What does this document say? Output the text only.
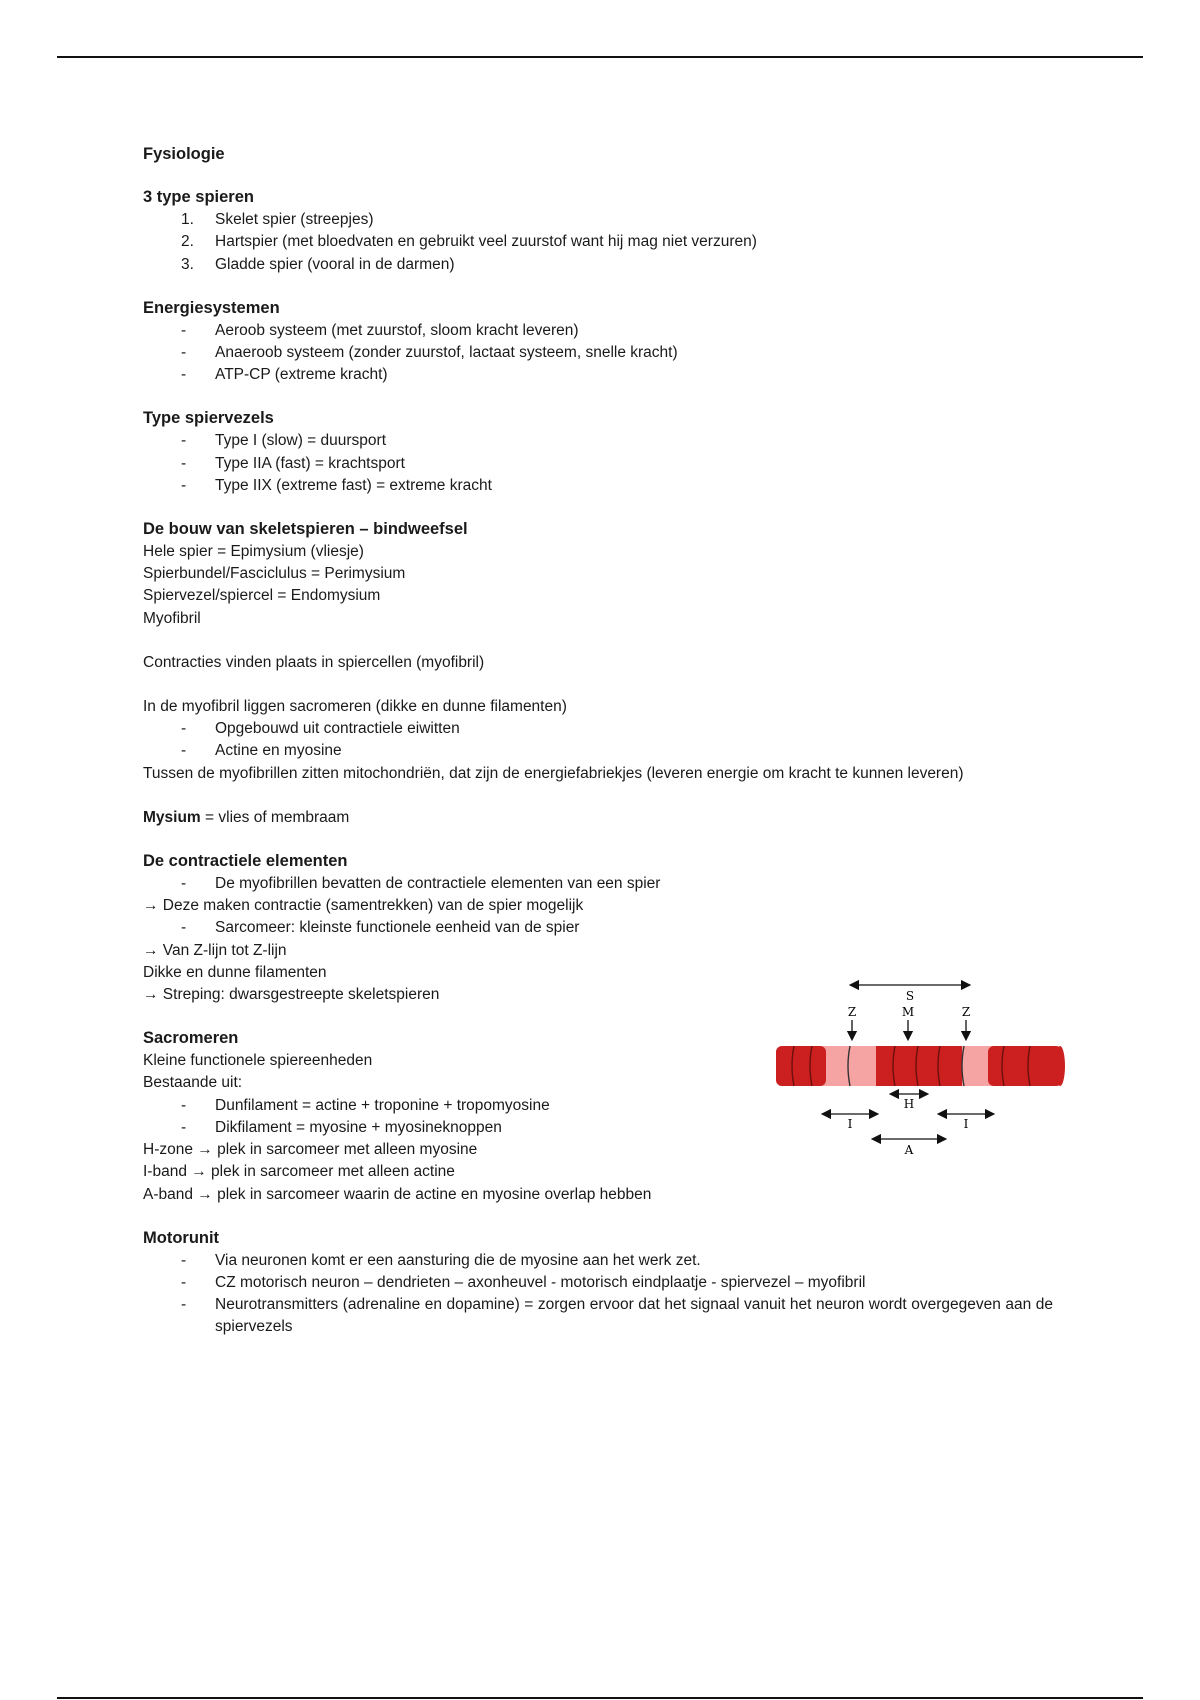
Fysiologie
3 type spieren
1.	Skelet spier (streepjes)
2.	Hartspier (met bloedvaten en gebruikt veel zuurstof want hij mag niet verzuren)
3.	Gladde spier (vooral in de darmen)
Energiesystemen
-	Aeroob systeem (met zuurstof, sloom kracht leveren)
-	Anaeroob systeem (zonder zuurstof, lactaat systeem, snelle kracht)
-	ATP-CP (extreme kracht)
Type spiervezels
-	Type I (slow) = duursport
-	Type IIA (fast) = krachtsport
-	Type IIX (extreme fast) = extreme kracht
De bouw van skeletspieren – bindweefsel

Hele spier = Epimysium (vliesje)

Spierbundel/Fasciclulus = Perimysium

Spiervezel/spiercel = Endomysium

Myofibril

Contracties vinden plaats in spiercellen (myofibril)

In de myofibril liggen sacromeren (dikke en dunne filamenten)

-	Opgebouwd uit contractiele eiwitten
-	Actine en myosine

Tussen de myofibrillen zitten mitochondriën, dat zijn de energiefabriekjes (leveren energie om kracht te kunnen leveren)

Mysium = vlies of membraam

De contractiele elementen
-	De myofibrillen bevatten de contractiele elementen van een spier

→ Deze maken contractie (samentrekken) van de spier mogelijk

-	Sarcomeer: kleinste functionele eenheid van de spier

→ Van Z-lijn tot Z-lijn

Dikke en dunne filamenten

→ Streping: dwarsgestreepte skeletspieren

Sacromeren

Kleine functionele spiereenheden

Bestaande uit:

-	Dunfilament = actine + troponine + tropomyosine
-	Dikfilament = myosine + myosineknoppen

H-zone → plek in sarcomeer met alleen myosine

I-band → plek in sarcomeer met alleen actine

A-band → plek in sarcomeer waarin de actine en myosine overlap hebben

Motorunit
-	Via neuronen komt er een aansturing die de myosine aan het werk zet.
-	CZ motorisch neuron – dendrieten – axonheuvel - motorisch eindplaatje - spiervezel – myofibril
-	Neurotransmitters (adrenaline en dopamine) = zorgen ervoor dat het signaal vanuit het neuron wordt overgegeven aan de spiervezels
S
Z	M	Z
H
I	I
A
